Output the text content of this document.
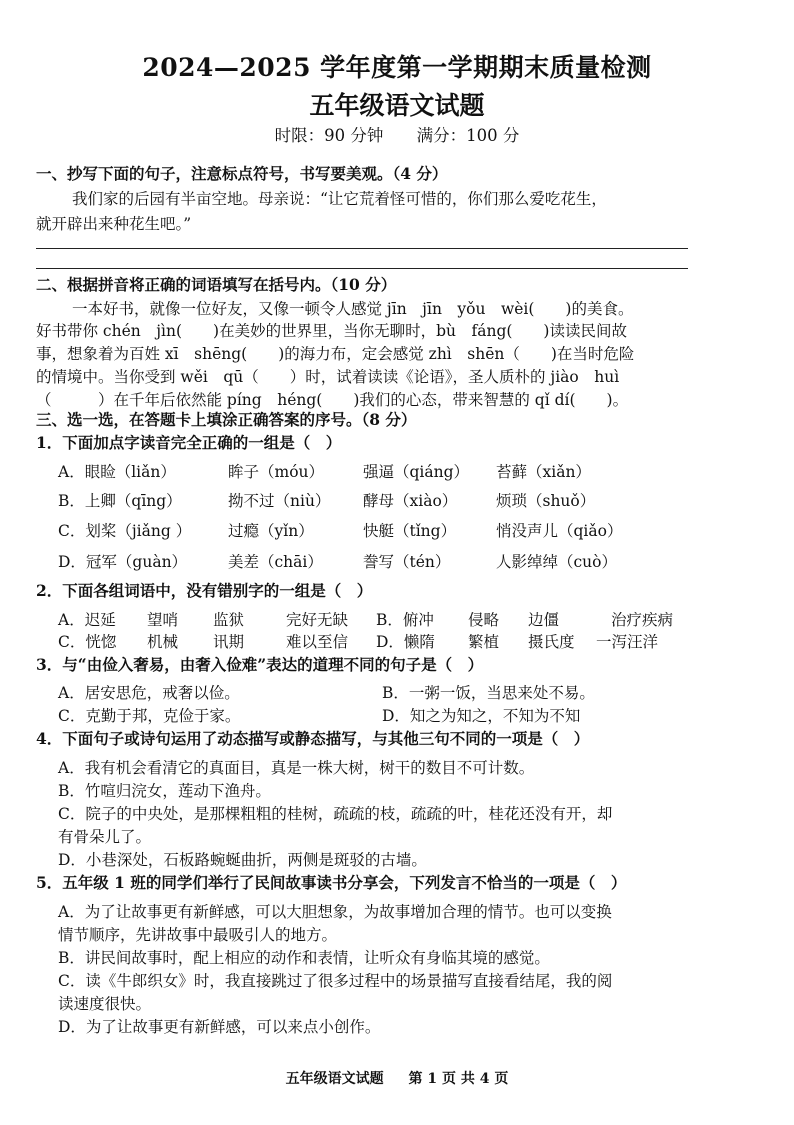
2024—2025 学年度第一学期期末质量检测
五年级语文试题
时限：90 分钟 满分：100 分
一、抄写下面的句子，注意标点符号，书写要美观。（4 分）
我们家的后园有半亩空地。母亲说：“让它荒着怪可惜的，你们那么爱吃花生，
就开辟出来种花生吧。”
二、根据拼音将正确的词语填写在括号内。（10 分）
一本好书，就像一位好友，又像一顿令人感觉 jīn　jīn　yǒu　wèi(　　)的美食。
好书带你 chén　jìn(　　)在美妙的世界里，当你无聊时，bù　fáng(　　)读读民间故
事，想象着为百姓 xī　shēng(　　)的海力布，定会感觉 zhì　shēn（　　)在当时危险
的情境中。当你受到 wěi　qū（　　）时，试着读读《论语》，圣人质朴的 jiào　huì
（　　　）在千年后依然能 píng　héng(　　)我们的心态，带来智慧的 qǐ dí(　　)。
三、选一选，在答题卡上填涂正确答案的序号。（8 分）
1．下面加点字读音完全正确的一组是（　）
A．眼睑（liǎn）	眸子（móu）	强逼（qiáng） 苔藓（xiǎn）
B．上卿（qīng）	拗不过（niù） 酵母（xiào） 烦琐（shuǒ）
C．划桨（jiǎng ） 过瘾（yǐn）	快艇（tǐng）	悄没声儿（qiǎo）
D．冠军（guàn）	美差（chāi）	誊写（tén）	人影绰绰（cuò）
2．下面各组词语中，没有错别字的一组是（　）
A．迟延 望哨 监狱	完好无缺 B．俯冲 侵略 边僵	治疗疾病
C．恍惚 机械 讯期	难以至信 D．懒隋 繁植 摄氏度 一泻汪洋
3．与“由俭入奢易，由奢入俭难”表达的道理不同的句子是（　）
A．居安思危，戒奢以俭。	B．一粥一饭，当思来处不易。
C．克勤于邦，克俭于家。	D．知之为知之，不知为不知
4．下面句子或诗句运用了动态描写或静态描写，与其他三句不同的一项是（　）
A．我有机会看清它的真面目，真是一株大树，树干的数目不可计数。
B．竹喧归浣女，莲动下渔舟。
C．院子的中央处，是那棵粗粗的桂树，疏疏的枝，疏疏的叶，桂花还没有开，却
有骨朵儿了。
D．小巷深处，石板路蜿蜒曲折，两侧是斑驳的古墙。
5．五年级 1 班的同学们举行了民间故事读书分享会，下列发言不恰当的一项是（　）
A．为了让故事更有新鲜感，可以大胆想象，为故事增加合理的情节。也可以变换
情节顺序，先讲故事中最吸引人的地方。
B．讲民间故事时，配上相应的动作和表情，让听众有身临其境的感觉。
C．读《牛郎织女》时，我直接跳过了很多过程中的场景描写直接看结尾，我的阅
读速度很快。
D．为了让故事更有新鲜感，可以来点小创作。
五年级语文试题 第 1 页 共 4 页
